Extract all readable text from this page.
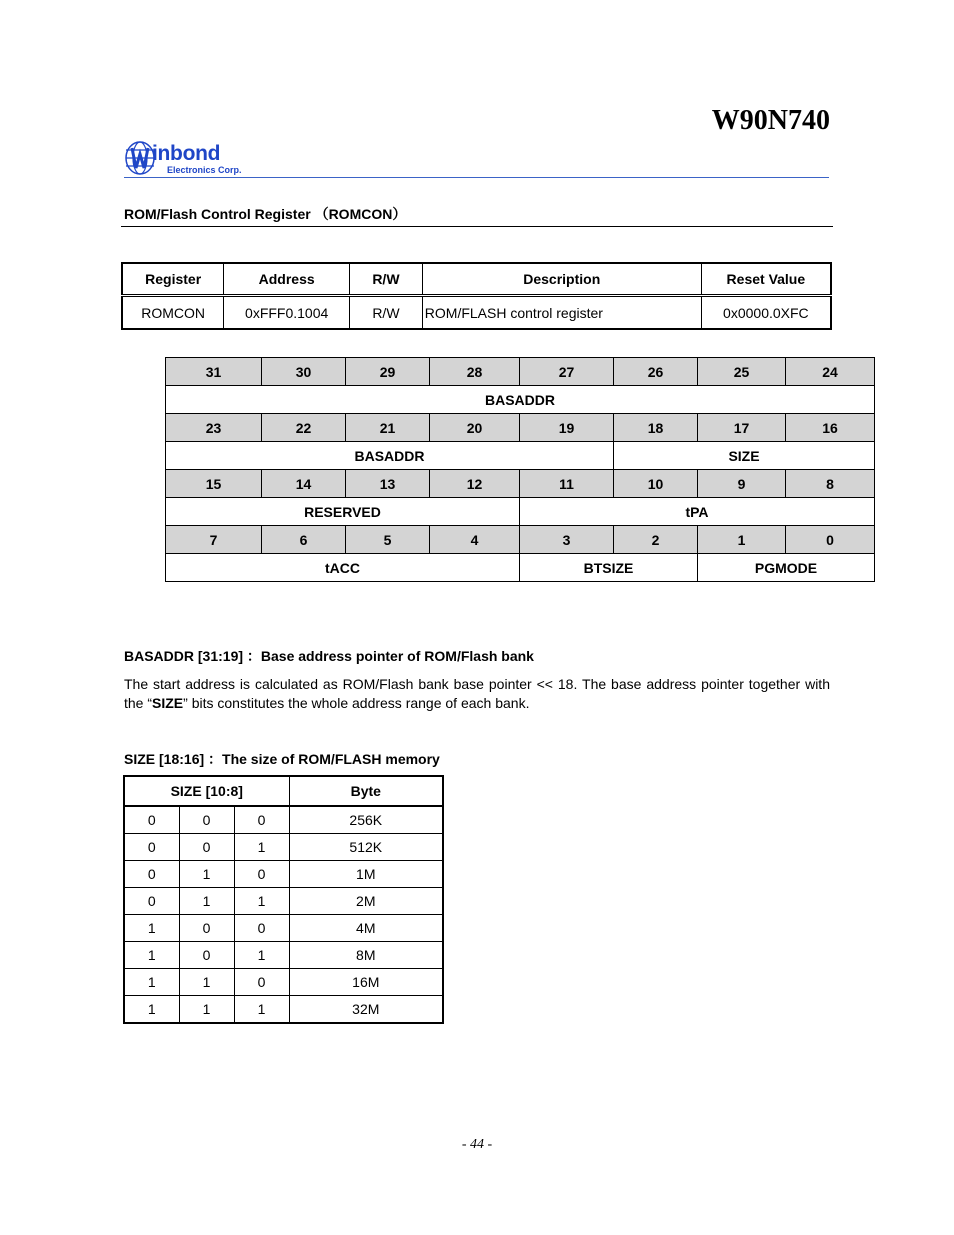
W90N740
inbond
Electronics Corp.
ROM/Flash Control Register （ROMCON）
Register	Address	R/W	Description	Reset Value
ROMCON	0xFFF0.1004	R/W	ROM/FLASH control register	0x0000.0XFC
31	30	29	28	27	26	25	24
BASADDR							
23	22	21	20	19	18	17	16
BASADDR					SIZE		
15	14	13	12	11	10	9	8
RESERVED				tPA			
7	6	5	4	3	2	1	0
tACC				BTSIZE		PGMODE	
BASADDR [31:19] ：Base address pointer of ROM/Flash bank
The start address is calculated as ROM/Flash bank base pointer << 18. The base address pointer together with the “SIZE” bits constitutes the whole address range of each bank.
SIZE [18:16] ：The size of ROM/FLASH memory
SIZE [10:8]			Byte
0	0	0	256K
0	0	1	512K
0	1	0	1M
0	1	1	2M
1	0	0	4M
1	0	1	8M
1	1	0	16M
1	1	1	32M
- 44 -
